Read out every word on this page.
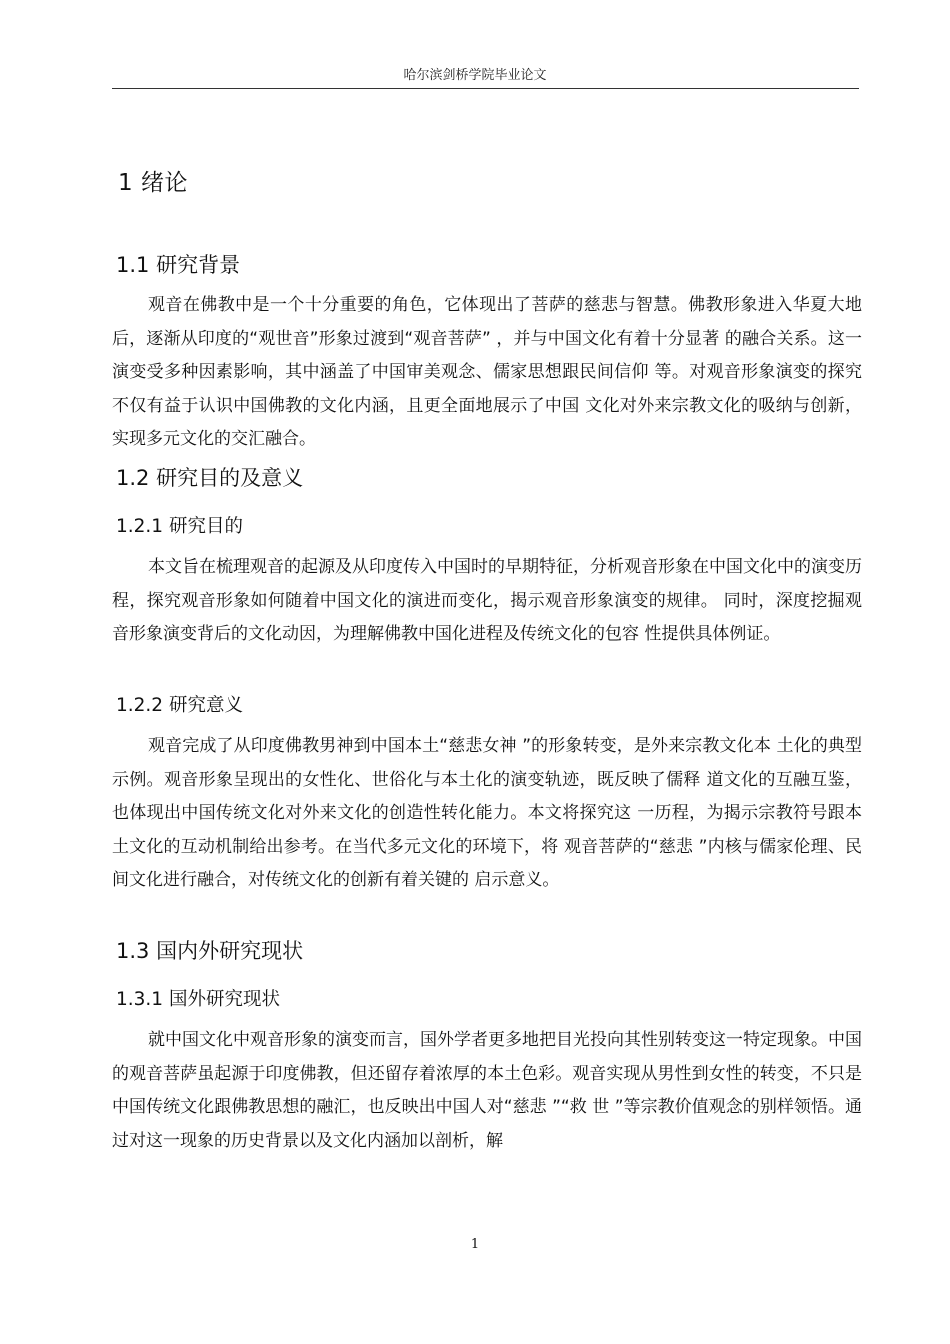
哈尔滨剑桥学院毕业论文
1 绪论
1.1 研究背景

观音在佛教中是一个十分重要的角色，它体现出了菩萨的慈悲与智慧。佛教形象进入华夏大地后，逐渐从印度的“观世音”形象过渡到“观音菩萨” ，并与中国文化有着十分显著 的融合关系。这一演变受多种因素影响，其中涵盖了中国审美观念、儒家思想跟民间信仰 等。对观音形象演变的探究不仅有益于认识中国佛教的文化内涵，且更全面地展示了中国 文化对外来宗教文化的吸纳与创新，实现多元文化的交汇融合。

1.2 研究目的及意义
1.2.1 研究目的

本文旨在梳理观音的起源及从印度传入中国时的早期特征，分析观音形象在中国文化中的演变历程，探究观音形象如何随着中国文化的演进而变化，揭示观音形象演变的规律。 同时，深度挖掘观音形象演变背后的文化动因，为理解佛教中国化进程及传统文化的包容 性提供具体例证。

1.2.2 研究意义

观音完成了从印度佛教男神到中国本土“慈悲女神 ”的形象转变，是外来宗教文化本 土化的典型示例。观音形象呈现出的女性化、世俗化与本土化的演变轨迹，既反映了儒释 道文化的互融互鉴，也体现出中国传统文化对外来文化的创造性转化能力。本文将探究这 一历程，为揭示宗教符号跟本土文化的互动机制给出参考。在当代多元文化的环境下，将 观音菩萨的“慈悲 ”内核与儒家伦理、民间文化进行融合，对传统文化的创新有着关键的 启示意义。

1.3 国内外研究现状
1.3.1 国外研究现状

就中国文化中观音形象的演变而言，国外学者更多地把目光投向其性别转变这一特定现象。中国的观音菩萨虽起源于印度佛教，但还留存着浓厚的本土色彩。观音实现从男性到女性的转变，不只是中国传统文化跟佛教思想的融汇，也反映出中国人对“慈悲 ”“救 世 ”等宗教价值观念的别样领悟。通过对这一现象的历史背景以及文化内涵加以剖析，解

1
